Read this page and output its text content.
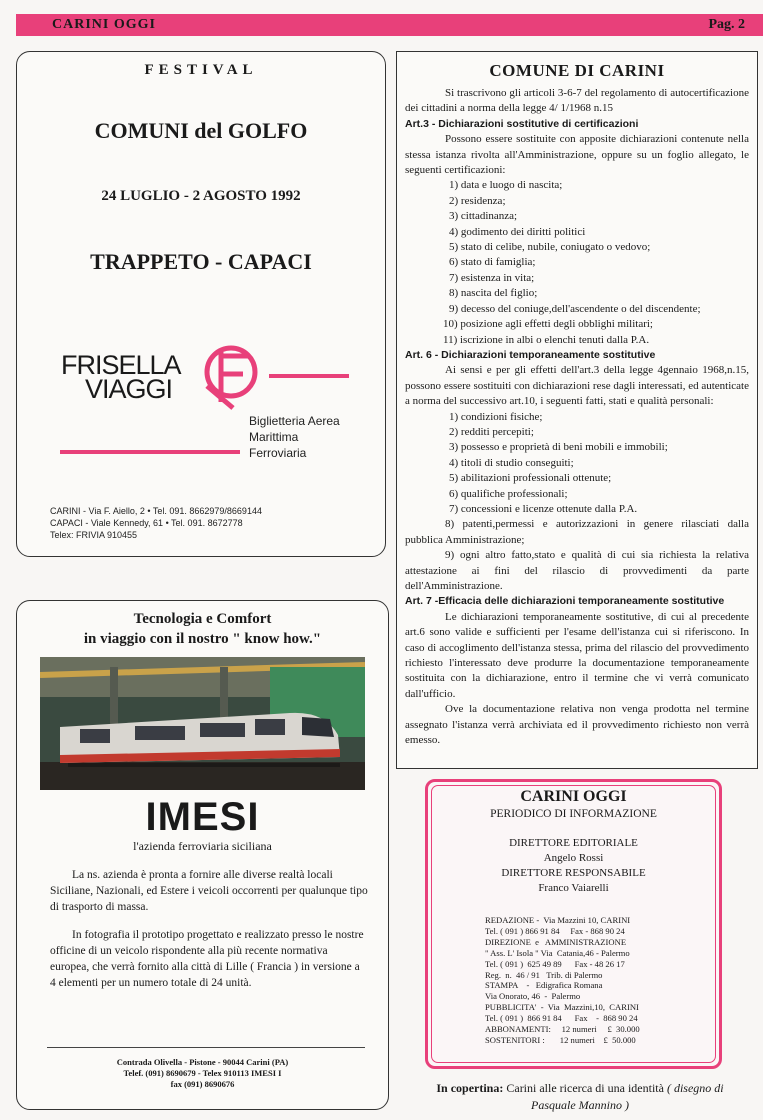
CARINI OGGI	Pag. 2
FESTIVAL
COMUNI del GOLFO
24 LUGLIO - 2 AGOSTO 1992
TRAPPETO - CAPACI
FRISELLA
VIAGGI
Biglietteria Aerea
Marittima
Ferroviaria
CARINI - Via F. Aiello, 2 • Tel. 091. 8662979/8669144
CAPACI - Viale Kennedy, 61 • Tel. 091. 8672778
Telex: FRIVIA 910455
Tecnologia e Comfort
in viaggio con il nostro " know how."
IMESI
l'azienda ferroviaria siciliana
La ns. azienda è pronta a fornire alle diverse realtà locali Siciliane, Nazionali, ed Estere i veicoli occorrenti per qualunque tipo di trasporto di massa.
In fotografia il prototipo progettato e realizzato presso le nostre officine di un veicolo rispondente alla più recente normativa europea, che verrà fornito alla città di Lille ( Francia ) in versione a 4 elementi per un numero totale di 24 unità.
Contrada Olivella - Pistone - 90044 Carini (PA)
Telef. (091) 8690679 - Telex 910113 IMESI I
fax (091) 8690676
COMUNE DI CARINI

Si trascrivono gli articoli 3-6-7 del regolamento di autocertificazione dei cittadini a norma della legge 4/ 1/1968 n.15

Art.3 - Dichiarazioni sostitutive di certificazioni

Possono essere sostituite con apposite dichiarazioni contenute nella stessa istanza rivolta all'Amministrazione, oppure su un foglio allegato, le seguenti certificazioni:

1) data e luogo di nascita;

2) residenza;

3) cittadinanza;

4) godimento dei diritti politici

5) stato di celibe, nubile, coniugato o vedovo;

6) stato di famiglia;

7) esistenza in vita;

8) nascita del figlio;

9) decesso del coniuge,dell'ascendente o del discendente;

10) posizione agli effetti degli obblighi militari;

11) iscrizione in albi o elenchi tenuti dalla P.A.

Art. 6 - Dichiarazioni temporaneamente sostitutive

Ai sensi e per gli effetti dell'art.3 della legge 4gennaio 1968,n.15, possono essere sostituiti con dichiarazioni rese dagli interessati, ed autenticate a norma del successivo art.10, i seguenti fatti, stati e qualità personali:

1) condizioni fisiche;

2) redditi percepiti;

3) possesso e proprietà di beni mobili e immobili;

4) titoli di studio conseguiti;

5) abilitazioni professionali ottenute;

6) qualifiche professionali;

7) concessioni e licenze ottenute dalla P.A.

8) patenti,permessi e autorizzazioni in genere rilasciati dalla pubblica Amministrazione;

9) ogni altro fatto,stato e qualità di cui sia richiesta la relativa attestazione ai fini del rilascio di provvedimenti da parte dell'Amministrazione.

Art. 7 -Efficacia delle dichiarazioni temporaneamente sostitutive

Le dichiarazioni temporaneamente sostitutive, di cui al precedente art.6 sono valide e sufficienti per l'esame dell'istanza cui si riferiscono. In caso di accoglimento dell'istanza stessa, prima del rilascio del provvedimento richiesto l'interessato deve produrre la documentazione temporaneamente sostituita con la dichiarazione, entro il termine che vi verrà comunicato dall'ufficio.

Ove la documentazione relativa non venga prodotta nel termine assegnato l'istanza verrà archiviata ed il provvedimento richiesto non verrà emesso.

CARINI OGGI
PERIODICO DI INFORMAZIONE
DIRETTORE EDITORIALE
Angelo Rossi
DIRETTORE RESPONSABILE
Franco Vaiarelli
REDAZIONE -  Via Mazzini 10, CARINI
Tel. ( 091 ) 866 91 84     Fax - 868 90 24
DIREZIONE  e   AMMINISTRAZIONE
" Ass. L' Isola " Via  Catania,46 - Palermo
Tel. ( 091 )  625 49 89      Fax - 48 26 17
Reg.  n.  46 / 91   Trib. di Palermo
STAMPA    -   Edigrafica Romana
Via Onorato, 46  -  Palermo
PUBBLICITA'  -  Via  Mazzini,10,  CARINI
Tel. ( 091 )  866 91 84      Fax    -  868 90 24
ABBONAMENTI:     12 numeri     £  30.000
SOSTENITORI :       12 numeri    £  50.000
In copertina: Carini alle ricerca di una identità ( disegno di Pasquale Mannino )
